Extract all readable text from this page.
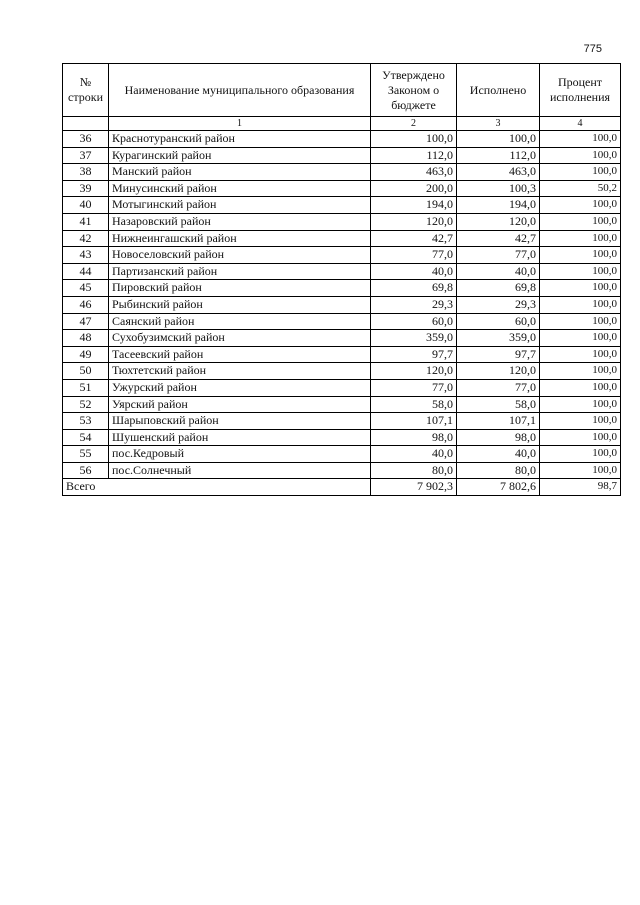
775
№ строки	Наименование муниципального образования	Утверждено Законом о бюджете	Исполнено	Процент исполнения
	1	2	3	4
36	Краснотуранский район	100,0	100,0	100,0
37	Курагинский район	112,0	112,0	100,0
38	Манский район	463,0	463,0	100,0
39	Минусинский район	200,0	100,3	50,2
40	Мотыгинский район	194,0	194,0	100,0
41	Назаровский район	120,0	120,0	100,0
42	Нижнеингашский район	42,7	42,7	100,0
43	Новоселовский район	77,0	77,0	100,0
44	Партизанский район	40,0	40,0	100,0
45	Пировский район	69,8	69,8	100,0
46	Рыбинский район	29,3	29,3	100,0
47	Саянский район	60,0	60,0	100,0
48	Сухобузимский район	359,0	359,0	100,0
49	Тасеевский район	97,7	97,7	100,0
50	Тюхтетский район	120,0	120,0	100,0
51	Ужурский район	77,0	77,0	100,0
52	Уярский район	58,0	58,0	100,0
53	Шарыповский район	107,1	107,1	100,0
54	Шушенский район	98,0	98,0	100,0
55	пос.Кедровый	40,0	40,0	100,0
56	пос.Солнечный	80,0	80,0	100,0
Всего		7 902,3	7 802,6	98,7
